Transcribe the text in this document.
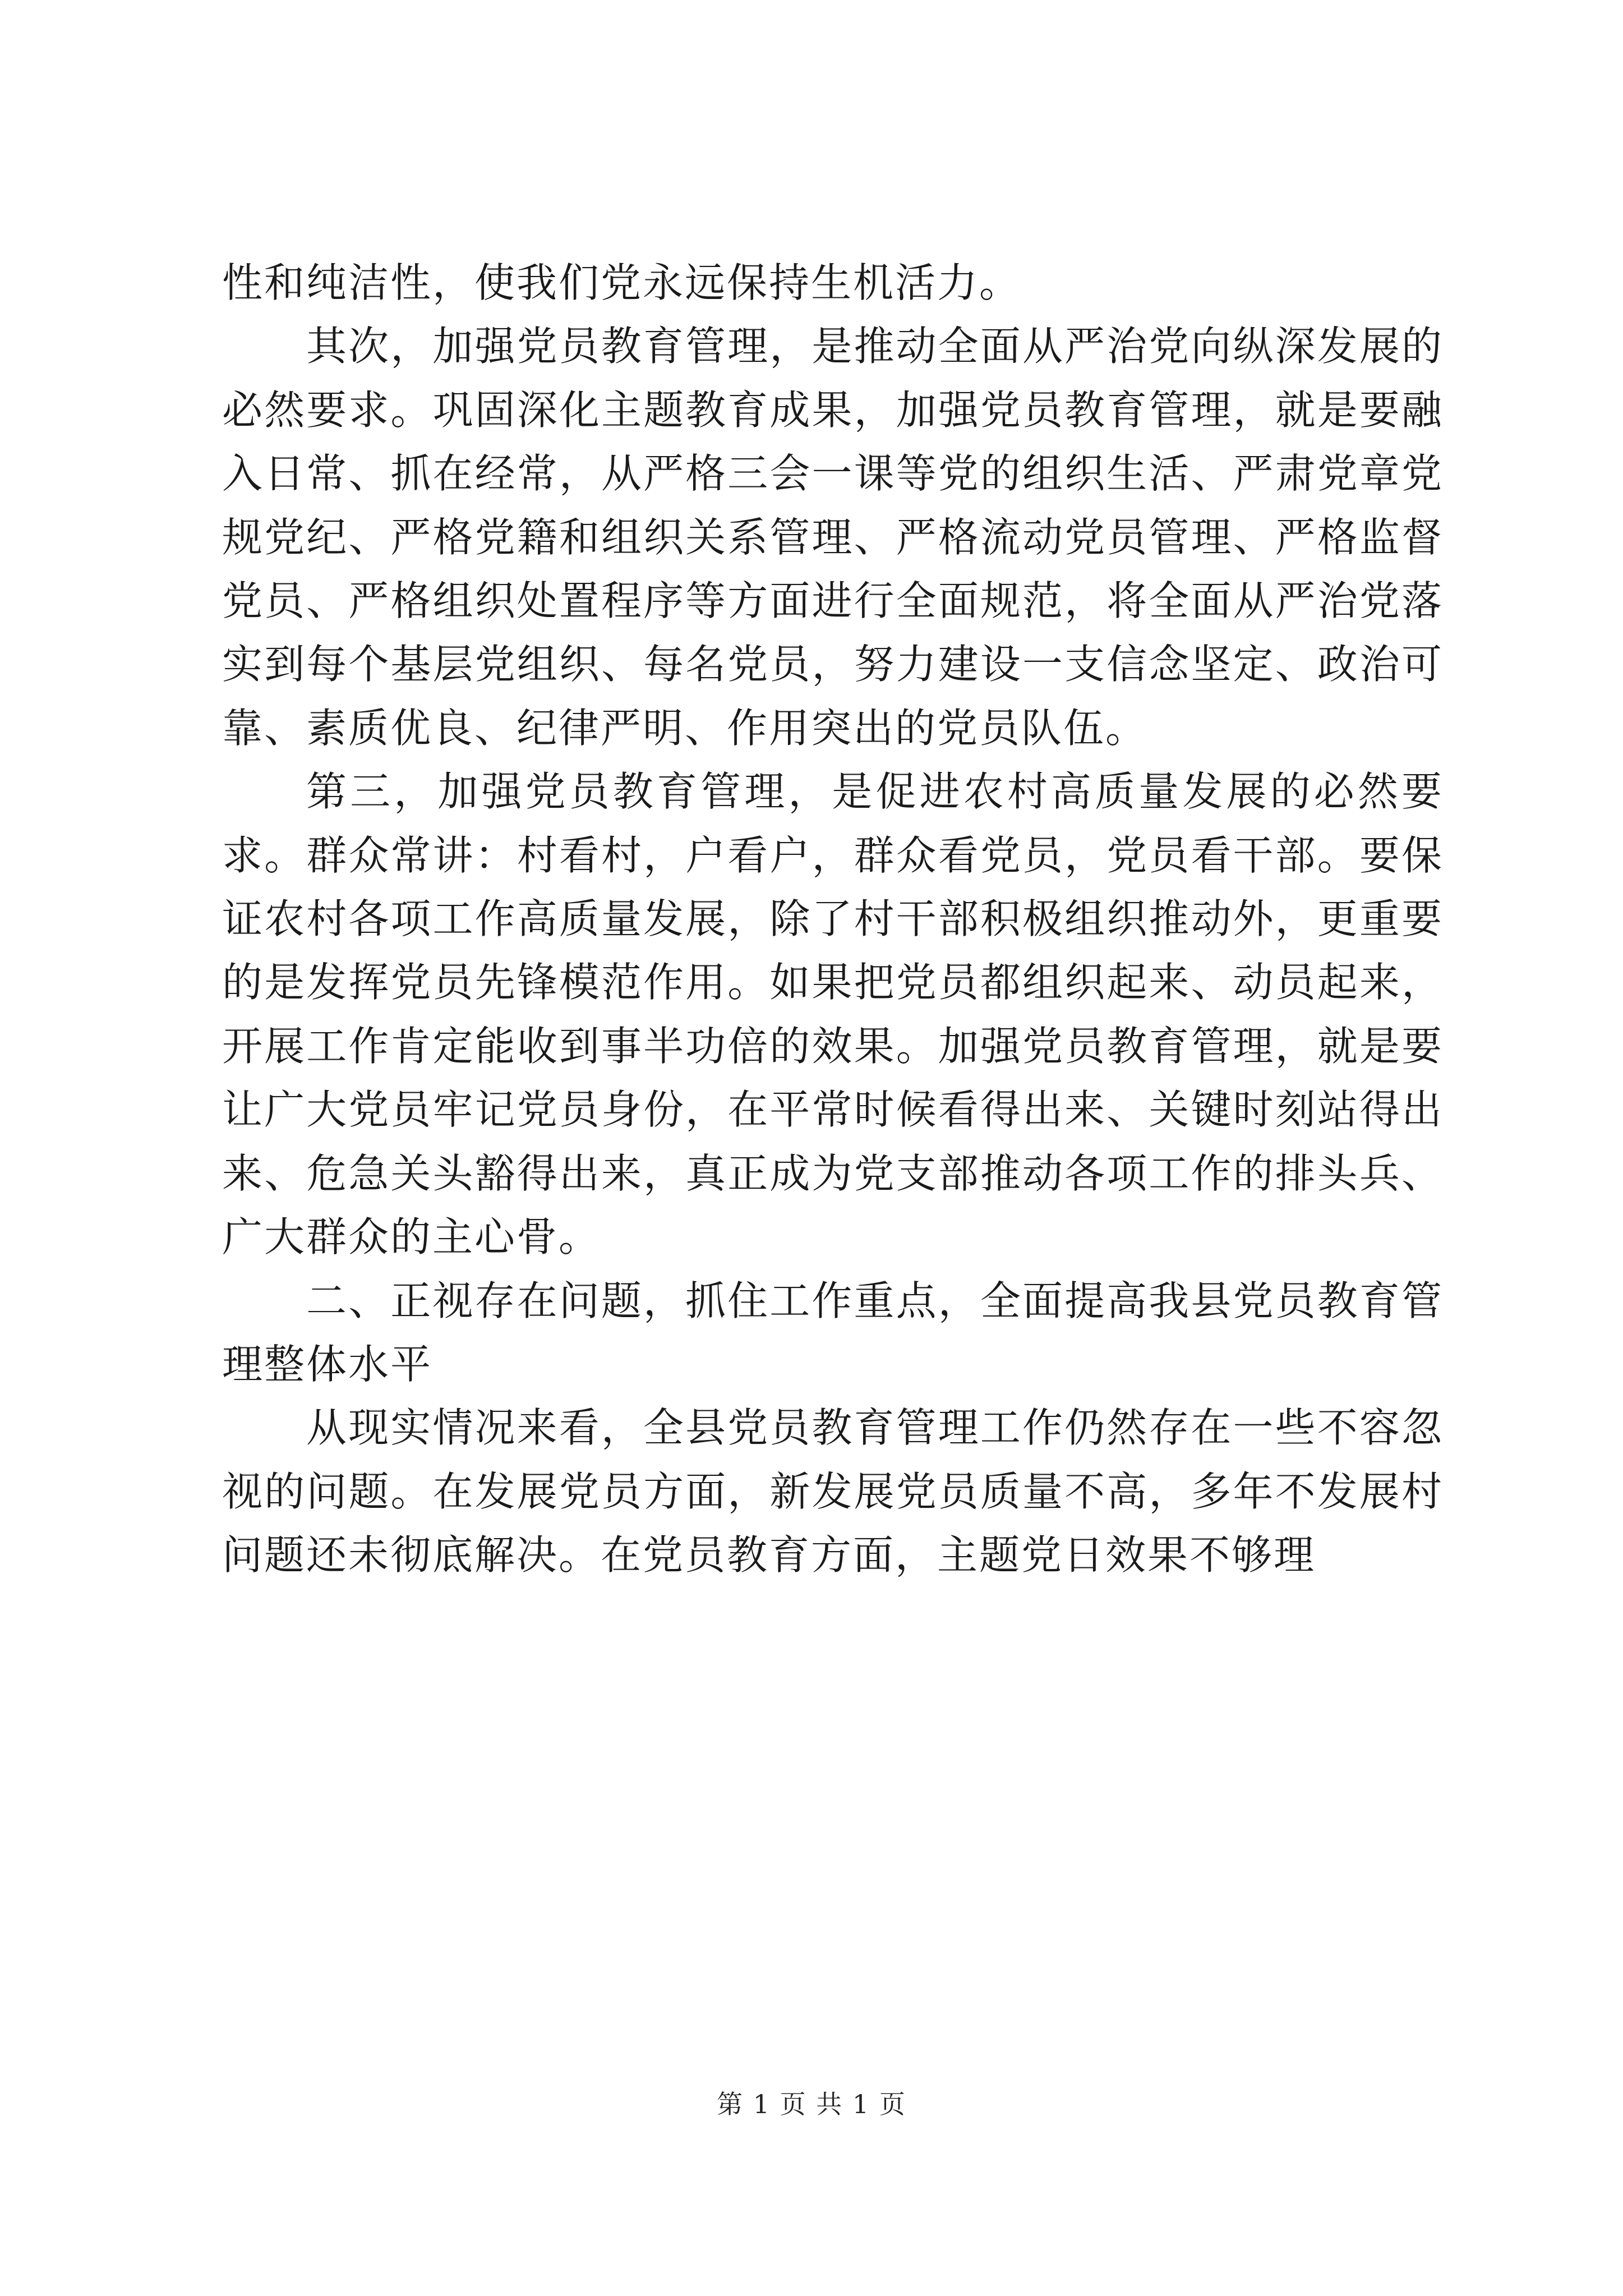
性和纯洁性，使我们党永远保持生机活力。

其次，加强党员教育管理，是推动全面从严治党向纵深发展的必然要求。巩固深化主题教育成果，加强党员教育管理，就是要融入日常、抓在经常，从严格三会一课等党的组织生活、严肃党章党规党纪、严格党籍和组织关系管理、严格流动党员管理、严格监督党员、严格组织处置程序等方面进行全面规范，将全面从严治党落实到每个基层党组织、每名党员，努力建设一支信念坚定、政治可靠、素质优良、纪律严明、作用突出的党员队伍。

第三，加强党员教育管理，是促进农村高质量发展的必然要求。群众常讲：村看村，户看户，群众看党员，党员看干部。要保证农村各项工作高质量发展，除了村干部积极组织推动外，更重要的是发挥党员先锋模范作用。如果把党员都组织起来、动员起来，开展工作肯定能收到事半功倍的效果。加强党员教育管理，就是要让广大党员牢记党员身份，在平常时候看得出来、关键时刻站得出来、危急关头豁得出来，真正成为党支部推动各项工作的排头兵、广大群众的主心骨。

二、正视存在问题，抓住工作重点，全面提高我县党员教育管理整体水平

从现实情况来看，全县党员教育管理工作仍然存在一些不容忽视的问题。在发展党员方面，新发展党员质量不高，多年不发展村问题还未彻底解决。在党员教育方面，主题党日效果不够理

第 1 页 共 1 页
